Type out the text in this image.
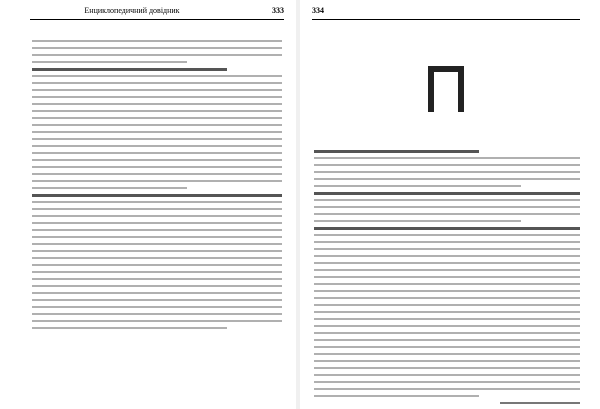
Енциклопедичний довідник	333	334
